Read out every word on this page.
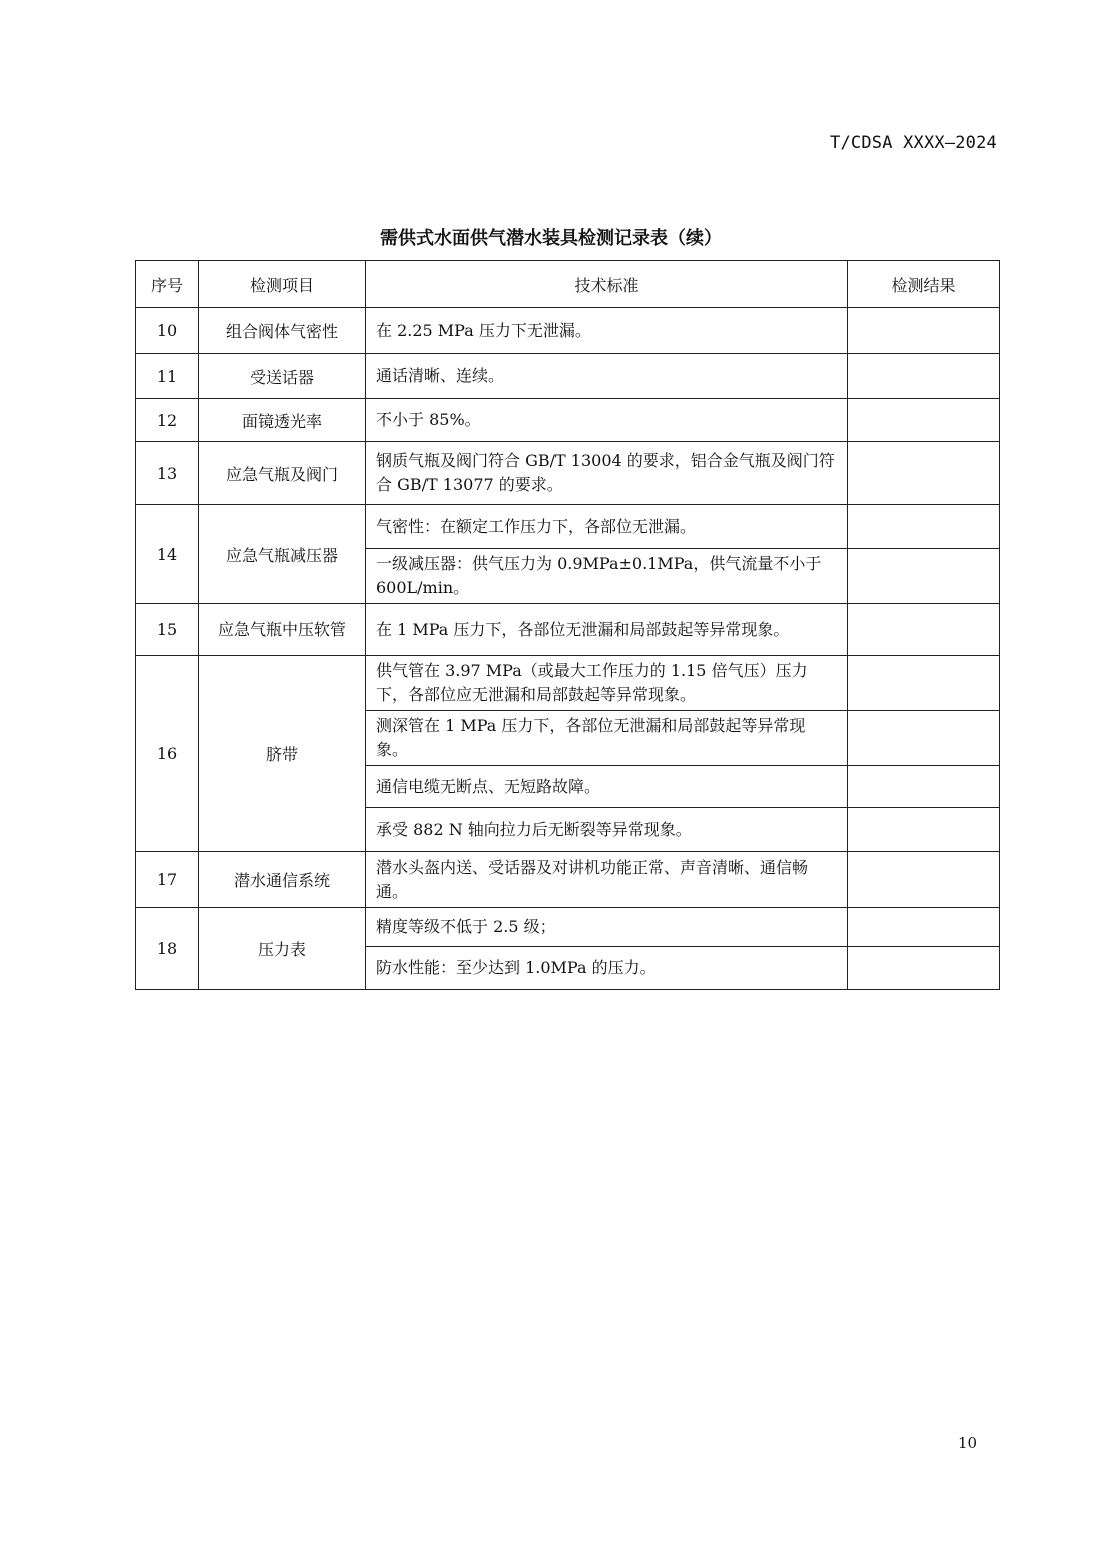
T/CDSA XXXX—2024
需供式水面供气潜水装具检测记录表（续）
序号	检测项目	技术标准	检测结果
10	组合阀体气密性	在 2.25 MPa 压力下无泄漏。	
11	受送话器	通话清晰、连续。	
12	面镜透光率	不小于 85%。	
13	应急气瓶及阀门	钢质气瓶及阀门符合 GB/T 13004 的要求，铝合金气瓶及阀门符合 GB/T 13077 的要求。	
14	应急气瓶减压器	气密性：在额定工作压力下，各部位无泄漏。	
		一级减压器：供气压力为 0.9MPa±0.1MPa，供气流量不小于 600L/min。	
15	应急气瓶中压软管	在 1 MPa 压力下，各部位无泄漏和局部鼓起等异常现象。	
16	脐带	供气管在 3.97 MPa（或最大工作压力的 1.15 倍气压）压力下，各部位应无泄漏和局部鼓起等异常现象。	
		测深管在 1 MPa 压力下，各部位无泄漏和局部鼓起等异常现象。	
		通信电缆无断点、无短路故障。	
		承受 882 N 轴向拉力后无断裂等异常现象。	
17	潜水通信系统	潜水头盔内送、受话器及对讲机功能正常、声音清晰、通信畅通。	
18	压力表	精度等级不低于 2.5 级；	
		防水性能：至少达到 1.0MPa 的压力。	
10
